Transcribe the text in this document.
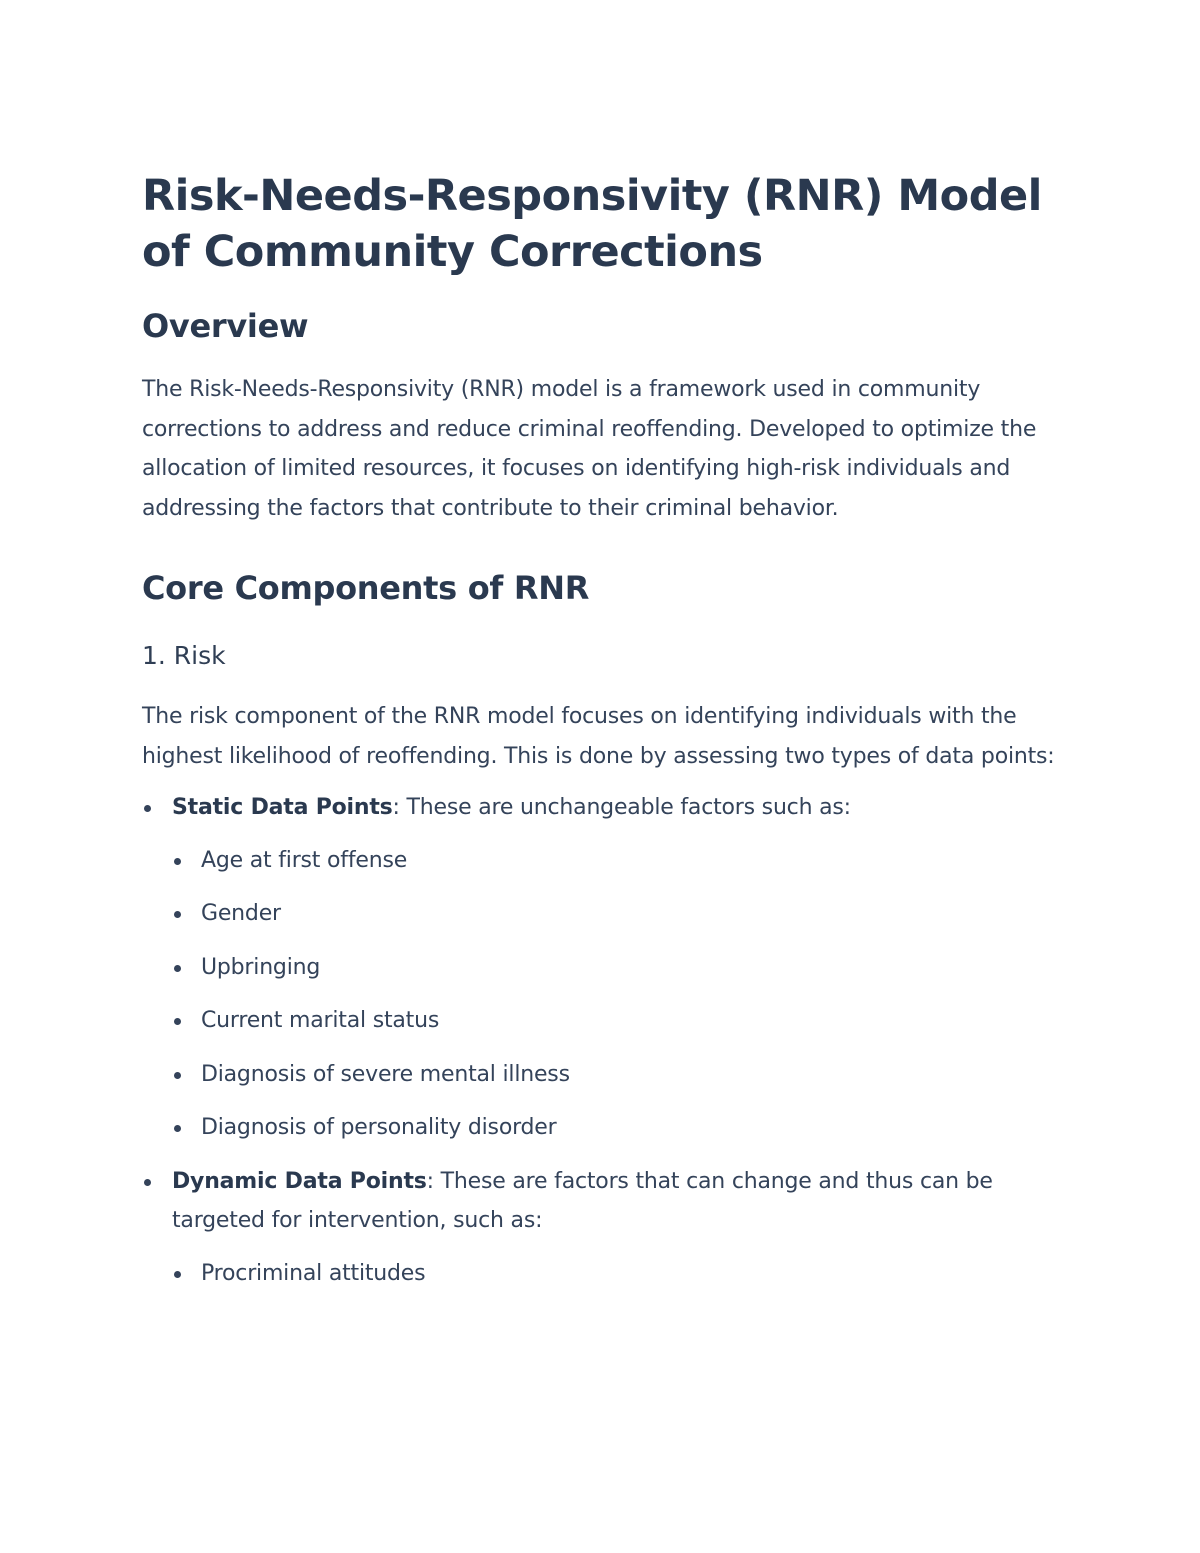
Risk-Needs-Responsivity (RNR) Model of Community Corrections
Overview

The Risk-Needs-Responsivity (RNR) model is a framework used in community corrections to address and reduce criminal reoffending. Developed to optimize the allocation of limited resources, it focuses on identifying high-risk individuals and addressing the factors that contribute to their criminal behavior.

Core Components of RNR
1. Risk

The risk component of the RNR model focuses on identifying individuals with the highest likelihood of reoffending. This is done by assessing two types of data points:

Static Data Points: These are unchangeable factors such as:
Age at first offense
Gender
Upbringing
Current marital status
Diagnosis of severe mental illness
Diagnosis of personality disorder
Dynamic Data Points: These are factors that can change and thus can be targeted for intervention, such as:
Procriminal attitudes
